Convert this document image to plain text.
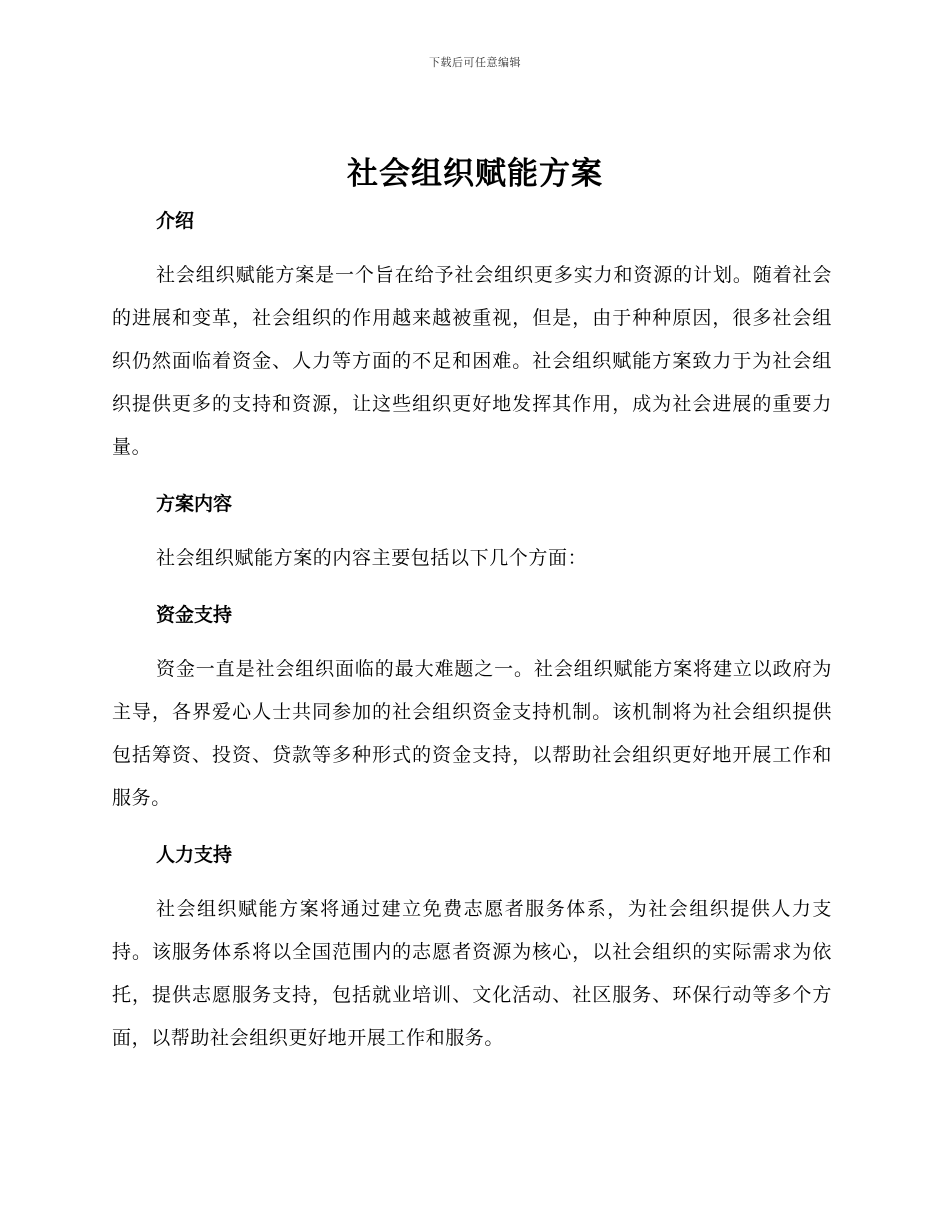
下载后可任意编辑
社会组织赋能方案
介绍

社会组织赋能方案是一个旨在给予社会组织更多实力和资源的计划。随着社会的进展和变革，社会组织的作用越来越被重视，但是，由于种种原因，很多社会组织仍然面临着资金、人力等方面的不足和困难。社会组织赋能方案致力于为社会组织提供更多的支持和资源，让这些组织更好地发挥其作用，成为社会进展的重要力量。

方案内容

社会组织赋能方案的内容主要包括以下几个方面：

资金支持

资金一直是社会组织面临的最大难题之一。社会组织赋能方案将建立以政府为主导，各界爱心人士共同参加的社会组织资金支持机制。该机制将为社会组织提供包括筹资、投资、贷款等多种形式的资金支持，以帮助社会组织更好地开展工作和服务。

人力支持

社会组织赋能方案将通过建立免费志愿者服务体系，为社会组织提供人力支持。该服务体系将以全国范围内的志愿者资源为核心，以社会组织的实际需求为依托，提供志愿服务支持，包括就业培训、文化活动、社区服务、环保行动等多个方面，以帮助社会组织更好地开展工作和服务。
